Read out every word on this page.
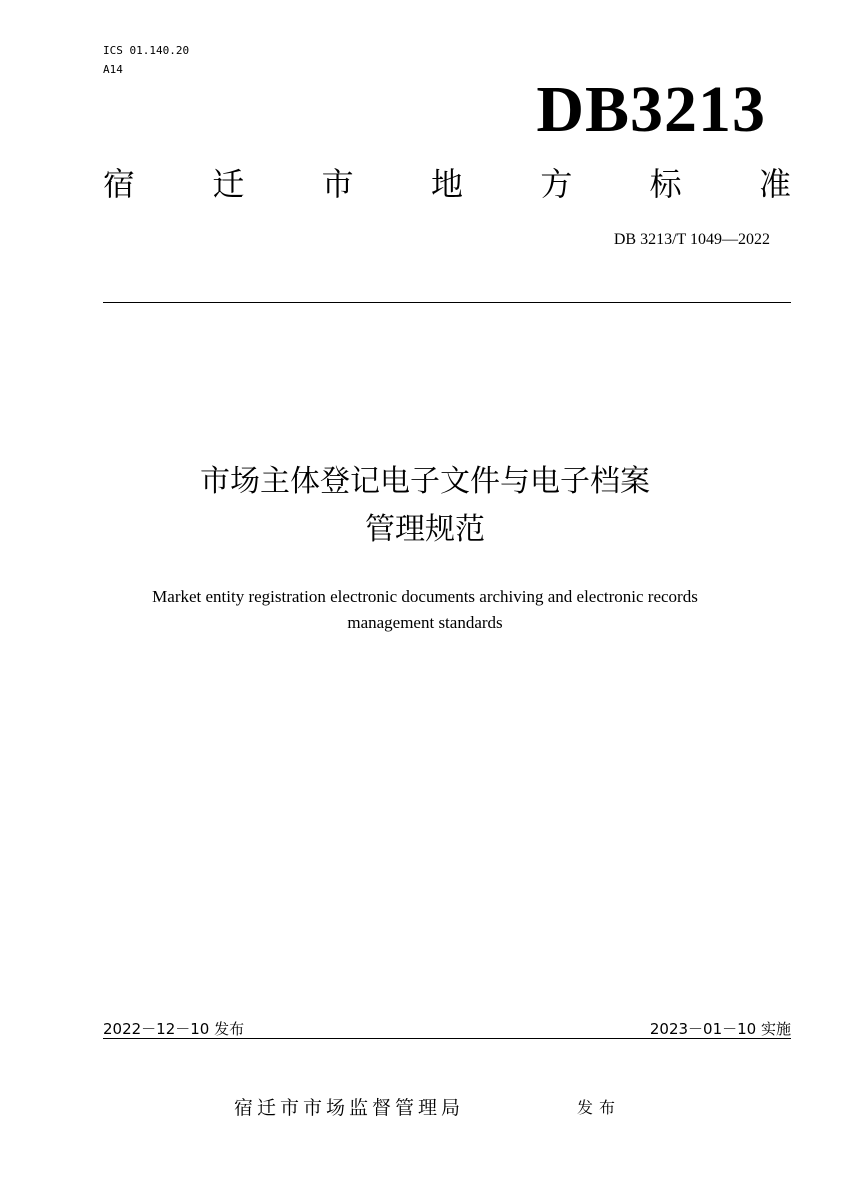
ICS 01.140.20
A14
DB3213
宿 迁 市 地 方 标 准
DB 3213/T 1049—2022
市场主体登记电子文件与电子档案
管理规范
Market entity registration electronic documents archiving and electronic records
management standards
2022－12－10 发布	2023－01－10 实施
宿迁市市场监督管理局	发布
